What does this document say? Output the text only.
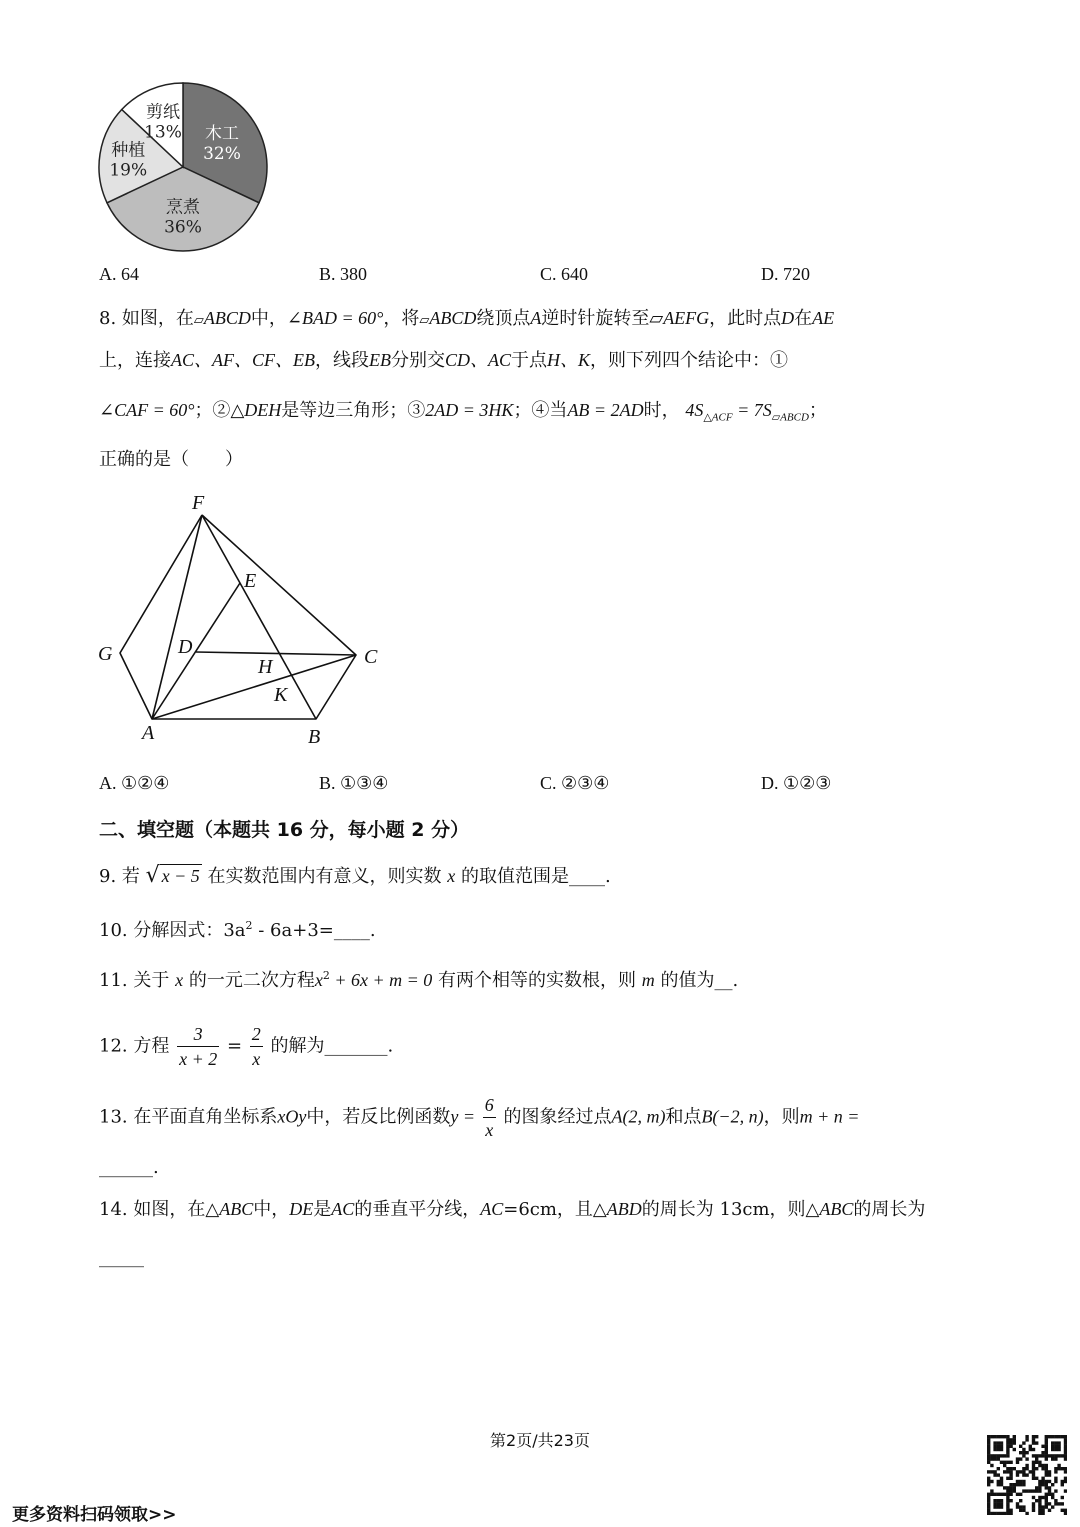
木工
32%
烹煮
36%
种植
19%
剪纸
13%
A. 64	B. 380	C. 640	D. 720
8. 如图，在▱ABCD中，∠BAD = 60°，将▱ABCD绕顶点A逆时针旋转至▱AEFG，此时点D在AE
上，连接AC、AF、CF、EB，线段EB分别交CD、AC于点H、K，则下列四个结论中：①
∠CAF = 60°；②△DEH是等边三角形；③2AD = 3HK；④当AB = 2AD时， $4S_{\triangle ACF} = 7S_{▱ABCD}$；
正确的是（　　）
F
E
G	D
H	C
K
A	B
A. ①②④	B. ①③④	C. ②③④	D. ①②③
二、填空题（本题共 16 分，每小题 2 分）
9. 若 √ x − 5 在实数范围内有意义，则实数 x 的取值范围是____.
10. 分解因式：$3a^2$ - 6a+3=____.
11. 关于 x 的一元二次方程$x^2 + 6x + m = 0$ 有两个相等的实数根，则 m 的值为__.
12. 方程 $\frac{3}{x + 2} = \frac{2}{x}$ 的解为_______.
13. 在平面直角坐标系xOy中，若反比例函数$y = \frac{6}{x}$ 的图象经过点A(2, m)和点B(−2, n)，则m + n =
______.
14. 如图，在△ABC中，DE是AC的垂直平分线，AC=6cm，且△ABD的周长为 13cm，则△ABC的周长为
_____
第2页/共23页
更多资料扫码领取>>
